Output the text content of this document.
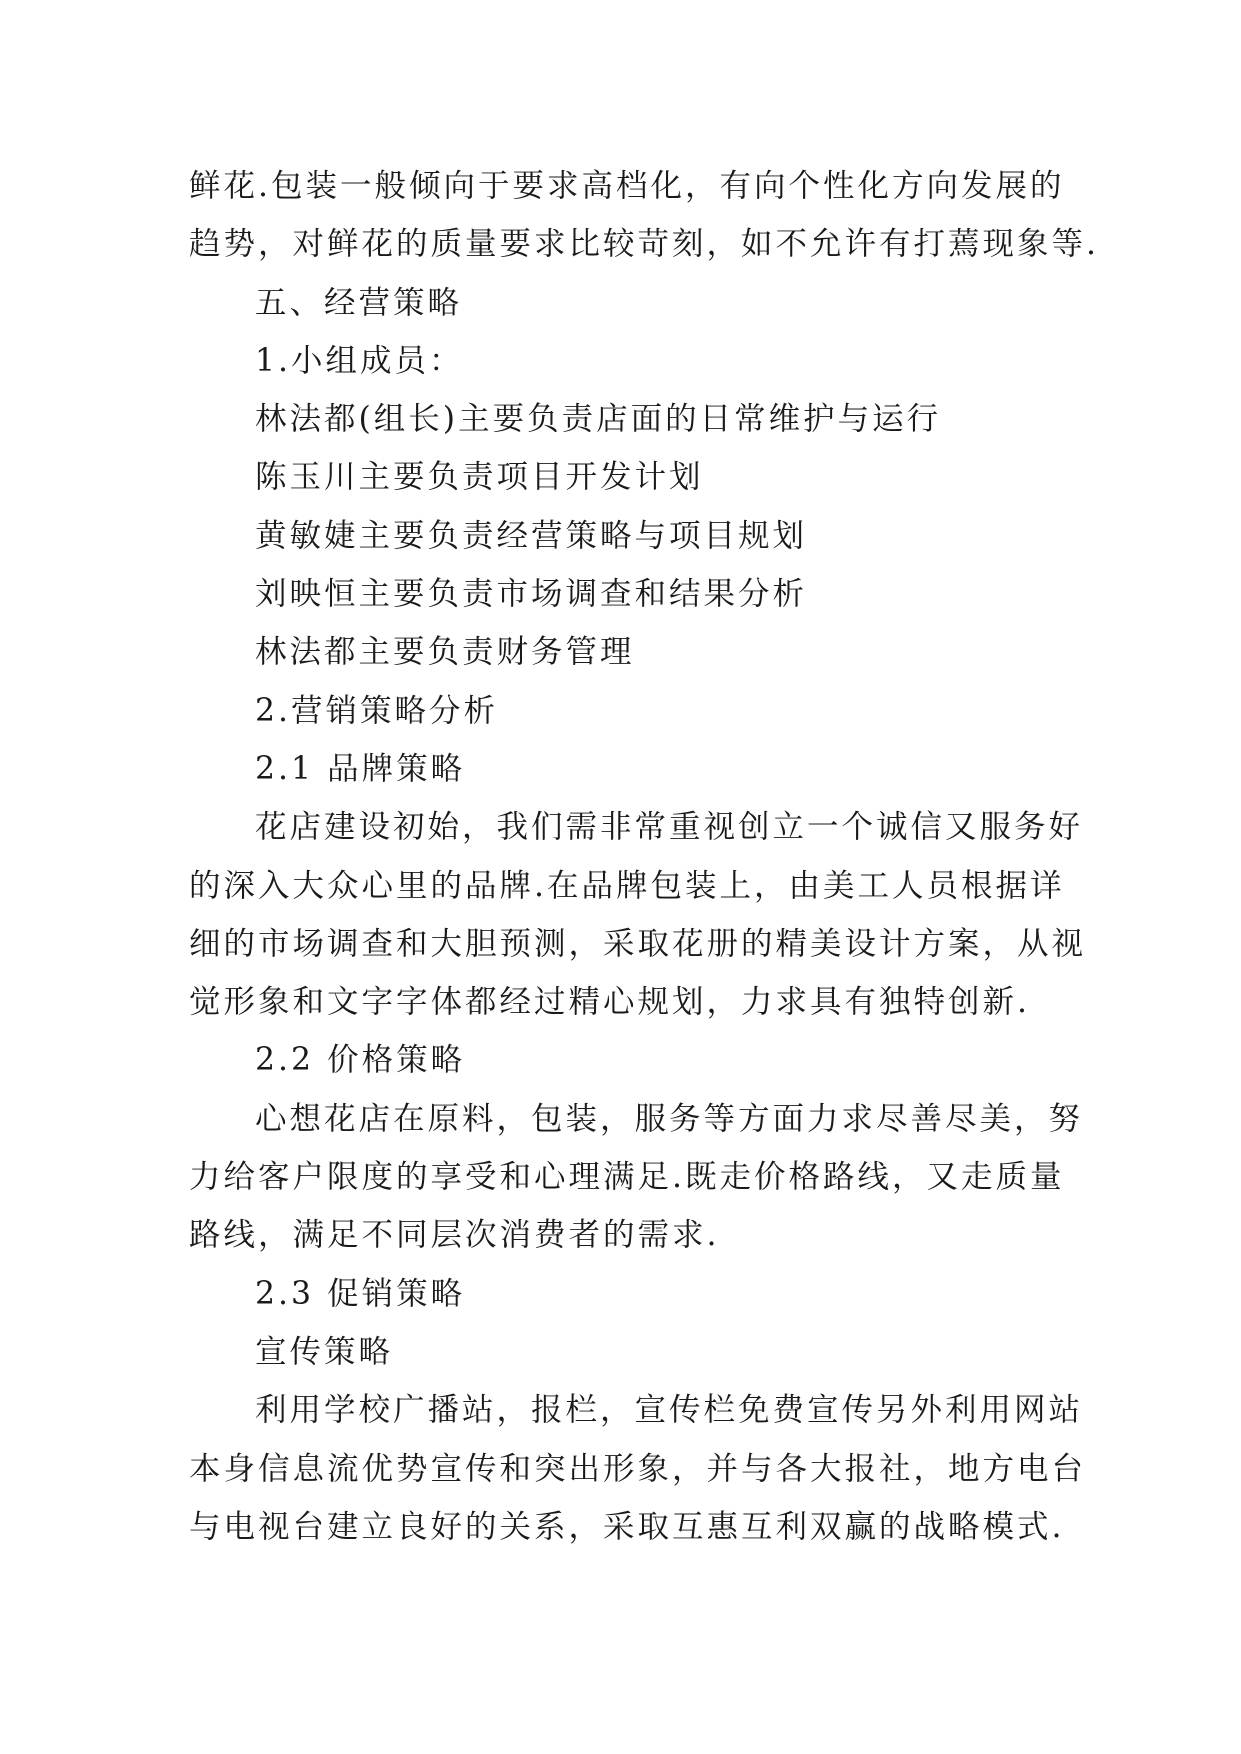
鲜花.包装一般倾向于要求高档化，有向个性化方向发展的
趋势，对鲜花的质量要求比较苛刻，如不允许有打蔫现象等.
五、经营策略
1.小组成员：
林法都(组长)主要负责店面的日常维护与运行
陈玉川主要负责项目开发计划
黄敏婕主要负责经营策略与项目规划
刘映恒主要负责市场调查和结果分析
林法都主要负责财务管理
2.营销策略分析
2.1 品牌策略
花店建设初始，我们需非常重视创立一个诚信又服务好
的深入大众心里的品牌.在品牌包装上，由美工人员根据详
细的市场调查和大胆预测，采取花册的精美设计方案，从视
觉形象和文字字体都经过精心规划，力求具有独特创新.
2.2 价格策略
心想花店在原料，包装，服务等方面力求尽善尽美，努
力给客户限度的享受和心理满足.既走价格路线，又走质量
路线，满足不同层次消费者的需求.
2.3 促销策略
宣传策略
利用学校广播站，报栏，宣传栏免费宣传另外利用网站
本身信息流优势宣传和突出形象，并与各大报社，地方电台
与电视台建立良好的关系，采取互惠互利双赢的战略模式.
